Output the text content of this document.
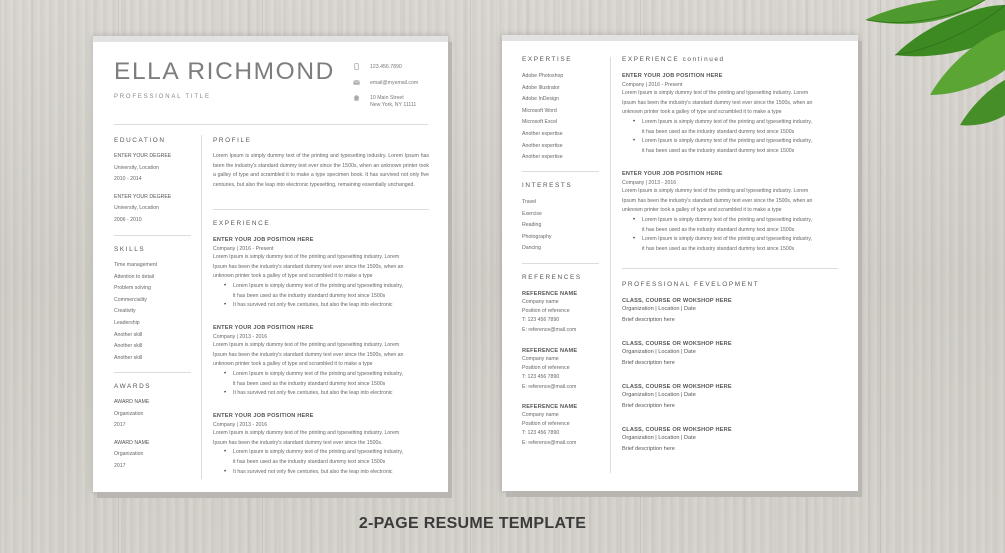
ELLA RICHMOND
PROFESSIONAL TITLE
123.456.7890
email@myemail.com
10 Main Street
New York, NY 11111
EDUCATION
ENTER YOUR DEGREE
University, Location
2010 - 2014
ENTER YOUR DEGREE
University, Location
2006 - 2010
SKILLS
Time management
Attention to detail
Problem solving
Commerciality
Creativity
Leadership
Another skill
Another skill
Another skill
AWARDS
AWARD NAME
Organization
2017
AWARD NAME
Organization
2017
PROFILE
Lorem Ipsum is simply dummy text of the printing and typesetting industry. Lorem Ipsum has been the industry's standard dummy text ever since the 1500s, when an unknown printer took a galley of type and scrambled it to make a type specimen book. It has survived not only five centuries, but also the leap into electronic typesetting, remaining essentially unchanged.
EXPERIENCE
ENTER YOUR JOB POSITION HERE
Company | 2016 - Present
Lorem Ipsum is simply dummy text of the printing and typesetting industry. Lorem
Ipsum has been the industry's standard dummy text ever since the 1500s, when an
unknown printer took a galley of type and scrambled it to make a type
• Lorem Ipsum is simply dummy text of the printing and typesetting industry,
it has been used as the industry standard dummy text since 1500s
• It has survived not only five centuries, but also the leap into electronic
ENTER YOUR JOB POSITION HERE
Company | 2013 - 2016
Lorem Ipsum is simply dummy text of the printing and typesetting industry. Lorem
Ipsum has been the industry's standard dummy text ever since the 1500s, when an
unknown printer took a galley of type and scrambled it to make a type
• Lorem Ipsum is simply dummy text of the printing and typesetting industry,
it has been used as the industry standard dummy text since 1500s
• It has survived not only five centuries, but also the leap into electronic
ENTER YOUR JOB POSITION HERE
Company | 2013 - 2016
Lorem Ipsum is simply dummy text of the printing and typesetting industry. Lorem
Ipsum has been the industry's standard dummy text ever since the 1500s.
• Lorem Ipsum is simply dummy text of the printing and typesetting industry,
it has been used as the industry standard dummy text since 1500s
• It has survived not only five centuries, but also the leap into electronic
EXPERTISE
Adobe Photoshop
Adobe Illustrator
Adobe InDesign
Microsoft Word
Microsoft Excel
Another expertise
Another expertise
Another expertise
INTERESTS
Travel
Exercise
Reading
Photography
Dancing
REFERENCES
REFERENCE NAME
Company name
Position of reference
T: 123 456 7890
E: reference@mail.com
REFERENCE NAME
Company name
Position of reference
T: 123 456 7890
E: reference@mail.com
REFERENCE NAME
Company name
Position of reference
T: 123 456 7890
E: reference@mail.com
EXPERIENCE continued
ENTER YOUR JOB POSITION HERE
Company | 2016 - Present
Lorem Ipsum is simply dummy text of the printing and typesetting industry. Lorem
Ipsum has been the industry's standard dummy text ever since the 1500s, when an
unknown printer took a galley of type and scrambled it to make a type
• Lorem Ipsum is simply dummy text of the printing and typesetting industry,
it has been used as the industry standard dummy text since 1500s
• Lorem Ipsum is simply dummy text of the printing and typesetting industry,
it has been used as the industry standard dummy text since 1500s
ENTER YOUR JOB POSITION HERE
Company | 2013 - 2016
Lorem Ipsum is simply dummy text of the printing and typesetting industry. Lorem
Ipsum has been the industry's standard dummy text ever since the 1500s, when an
unknown printer took a galley of type and scrambled it to make a type
• Lorem Ipsum is simply dummy text of the printing and typesetting industry,
it has been used as the industry standard dummy text since 1500s
• Lorem Ipsum is simply dummy text of the printing and typesetting industry,
it has been used as the industry standard dummy text since 1500s
PROFESSIONAL FEVELOPMENT
CLASS, COURSE OR WOKSHOP HERE
Organization | Location | Date
Brief description here
CLASS, COURSE OR WOKSHOP HERE
Organization | Location | Date
Brief description here
CLASS, COURSE OR WOKSHOP HERE
Organization | Location | Date
Brief description here
CLASS, COURSE OR WOKSHOP HERE
Organization | Location | Date
Brief description here
2-PAGE RESUME TEMPLATE
